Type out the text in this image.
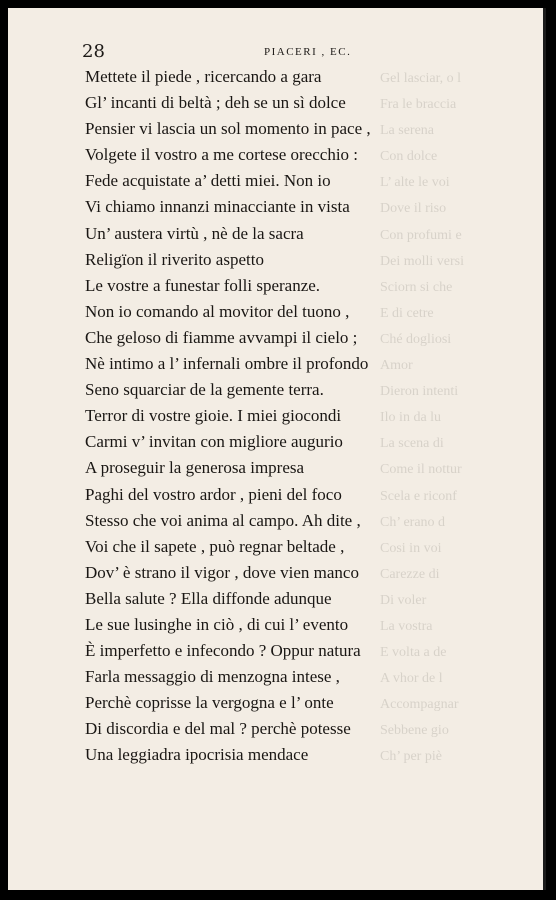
Gel lasciar, o l
Fra le braccia
La serena
Con dolce
L’ alte le voi
Dove il riso
Con profumi e
Dei molli versi
Sciorn si che
E di cetre
Ché dogliosi
Amor
Dieron intenti
Ilo in da lu
La scena di
Come il nottur
Scela e riconf
Ch’ erano d
Cosi in voi
Carezze di
Di voler
La vostra
E volta a de
A vhor de l
Accompagnar
Sebbene gio
Ch’ per piè
28	PIACERI , EC.
Mettete il piede , ricercando a gara
Gl’ incanti di beltà ; deh se un sì dolce
Pensier vi lascia un sol momento in pace ,
Volgete il vostro a me cortese orecchio :
Fede acquistate a’ detti miei. Non io
Vi chiamo innanzi minacciante in vista
Un’ austera virtù , nè de la sacra
Religïon il riverito aspetto
Le vostre a funestar folli speranze.
Non io comando al movitor del tuono ,
Che geloso di fiamme avvampi il cielo ;
Nè intimo a l’ infernali ombre il profondo
Seno squarciar de la gemente terra.
Terror di vostre gioie. I miei giocondi
Carmi v’ invitan con migliore augurio
A proseguir la generosa impresa
Paghi del vostro ardor , pieni del foco
Stesso che voi anima al campo. Ah dite ,
Voi che il sapete , può regnar beltade ,
Dov’ è strano il vigor , dove vien manco
Bella salute ? Ella diffonde adunque
Le sue lusinghe in ciò , di cui l’ evento
È imperfetto e infecondo ? Oppur natura
Farla messaggio di menzogna intese ,
Perchè coprisse la vergogna e l’ onte
Di discordia e del mal ? perchè potesse
Una leggiadra ipocrisia mendace
